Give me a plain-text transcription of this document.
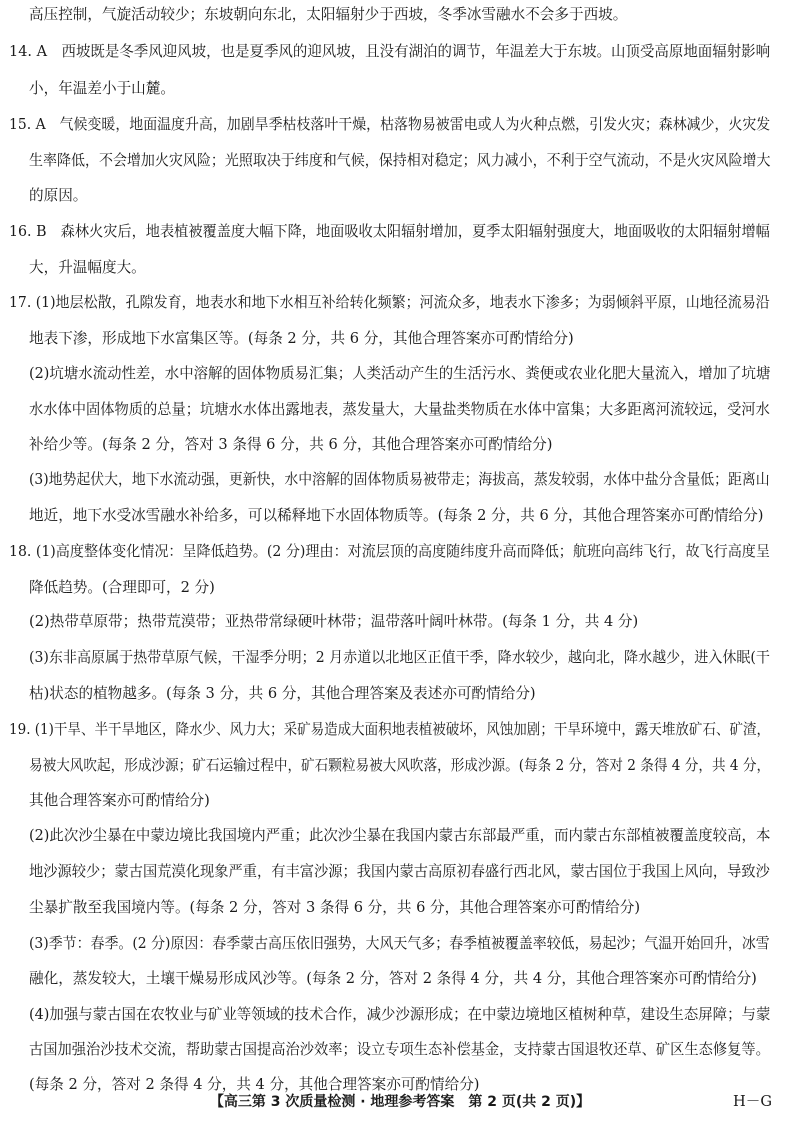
高压控制，气旋活动较少；东坡朝向东北，太阳辐射少于西坡，冬季冰雪融水不会多于西坡。
14. A　西坡既是冬季风迎风坡，也是夏季风的迎风坡，且没有湖泊的调节，年温差大于东坡。山顶受高原地面辐射影响
小，年温差小于山麓。
15. A　气候变暖，地面温度升高，加剧旱季枯枝落叶干燥，枯落物易被雷电或人为火种点燃，引发火灾；森林减少，火灾发
生率降低，不会增加火灾风险；光照取决于纬度和气候，保持相对稳定；风力减小，不利于空气流动，不是火灾风险增大
的原因。
16. B　森林火灾后，地表植被覆盖度大幅下降，地面吸收太阳辐射增加，夏季太阳辐射强度大，地面吸收的太阳辐射增幅
大，升温幅度大。
17. (1)地层松散，孔隙发育，地表水和地下水相互补给转化频繁；河流众多，地表水下渗多；为弱倾斜平原，山地径流易沿
地表下渗，形成地下水富集区等。(每条 2 分，共 6 分，其他合理答案亦可酌情给分)
(2)坑塘水流动性差，水中溶解的固体物质易汇集；人类活动产生的生活污水、粪便或农业化肥大量流入，增加了坑塘
水水体中固体物质的总量；坑塘水水体出露地表，蒸发量大，大量盐类物质在水体中富集；大多距离河流较远，受河水
补给少等。(每条 2 分，答对 3 条得 6 分，共 6 分，其他合理答案亦可酌情给分)
(3)地势起伏大，地下水流动强，更新快，水中溶解的固体物质易被带走；海拔高，蒸发较弱，水体中盐分含量低；距离山
地近，地下水受冰雪融水补给多，可以稀释地下水固体物质等。(每条 2 分，共 6 分，其他合理答案亦可酌情给分)
18. (1)高度整体变化情况：呈降低趋势。(2 分)理由：对流层顶的高度随纬度升高而降低；航班向高纬飞行，故飞行高度呈
降低趋势。(合理即可，2 分)
(2)热带草原带；热带荒漠带；亚热带常绿硬叶林带；温带落叶阔叶林带。(每条 1 分，共 4 分)
(3)东非高原属于热带草原气候，干湿季分明；2 月赤道以北地区正值干季，降水较少，越向北，降水越少，进入休眠(干
枯)状态的植物越多。(每条 3 分，共 6 分，其他合理答案及表述亦可酌情给分)
19. (1)干旱、半干旱地区，降水少、风力大；采矿易造成大面积地表植被破坏，风蚀加剧；干旱环境中，露天堆放矿石、矿渣，
易被大风吹起，形成沙源；矿石运输过程中，矿石颗粒易被大风吹落，形成沙源。(每条 2 分，答对 2 条得 4 分，共 4 分，
其他合理答案亦可酌情给分)
(2)此次沙尘暴在中蒙边境比我国境内严重；此次沙尘暴在我国内蒙古东部最严重，而内蒙古东部植被覆盖度较高，本
地沙源较少；蒙古国荒漠化现象严重，有丰富沙源；我国内蒙古高原初春盛行西北风，蒙古国位于我国上风向，导致沙
尘暴扩散至我国境内等。(每条 2 分，答对 3 条得 6 分，共 6 分，其他合理答案亦可酌情给分)
(3)季节：春季。(2 分)原因：春季蒙古高压依旧强势，大风天气多；春季植被覆盖率较低，易起沙；气温开始回升，冰雪
融化，蒸发较大，土壤干燥易形成风沙等。(每条 2 分，答对 2 条得 4 分，共 4 分，其他合理答案亦可酌情给分)
(4)加强与蒙古国在农牧业与矿业等领域的技术合作，减少沙源形成；在中蒙边境地区植树种草，建设生态屏障；与蒙
古国加强治沙技术交流，帮助蒙古国提高治沙效率；设立专项生态补偿基金，支持蒙古国退牧还草、矿区生态修复等。
(每条 2 分，答对 2 条得 4 分，共 4 分，其他合理答案亦可酌情给分)
【高三第 3 次质量检测 · 地理参考答案　第 2 页(共 2 页)】	H－G
